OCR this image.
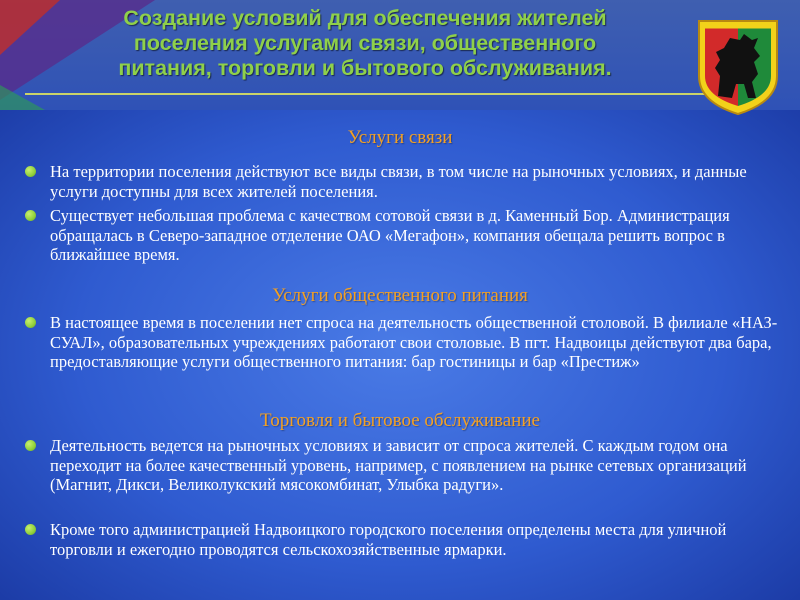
Создание условий для обеспечения жителей
поселения услугами связи, общественного
питания, торговли и бытового обслуживания.
Услуги связи
На территории поселения действуют все виды связи, в том числе на рыночных условиях, и данные услуги доступны для всех жителей поселения.
Существует небольшая проблема с качеством сотовой связи в д. Каменный Бор. Администрация обращалась в Северо-западное отделение ОАО «Мегафон», компания обещала решить вопрос в ближайшее время.
Услуги общественного питания
В настоящее время в поселении нет спроса на деятельность общественной столовой. В филиале «НАЗ-СУАЛ», образовательных учреждениях работают свои столовые. В пгт. Надвоицы действуют два бара, предоставляющие услуги общественного питания: бар гостиницы и бар «Престиж»
Торговля и бытовое обслуживание
Деятельность ведется на рыночных условиях и зависит от спроса жителей. С каждым годом она переходит на более качественный уровень, например, с появлением на рынке сетевых организаций (Магнит, Дикси, Великолукский мясокомбинат, Улыбка радуги».
Кроме того администрацией Надвоицкого городского поселения определены места для уличной торговли и ежегодно проводятся сельскохозяйственные ярмарки.
